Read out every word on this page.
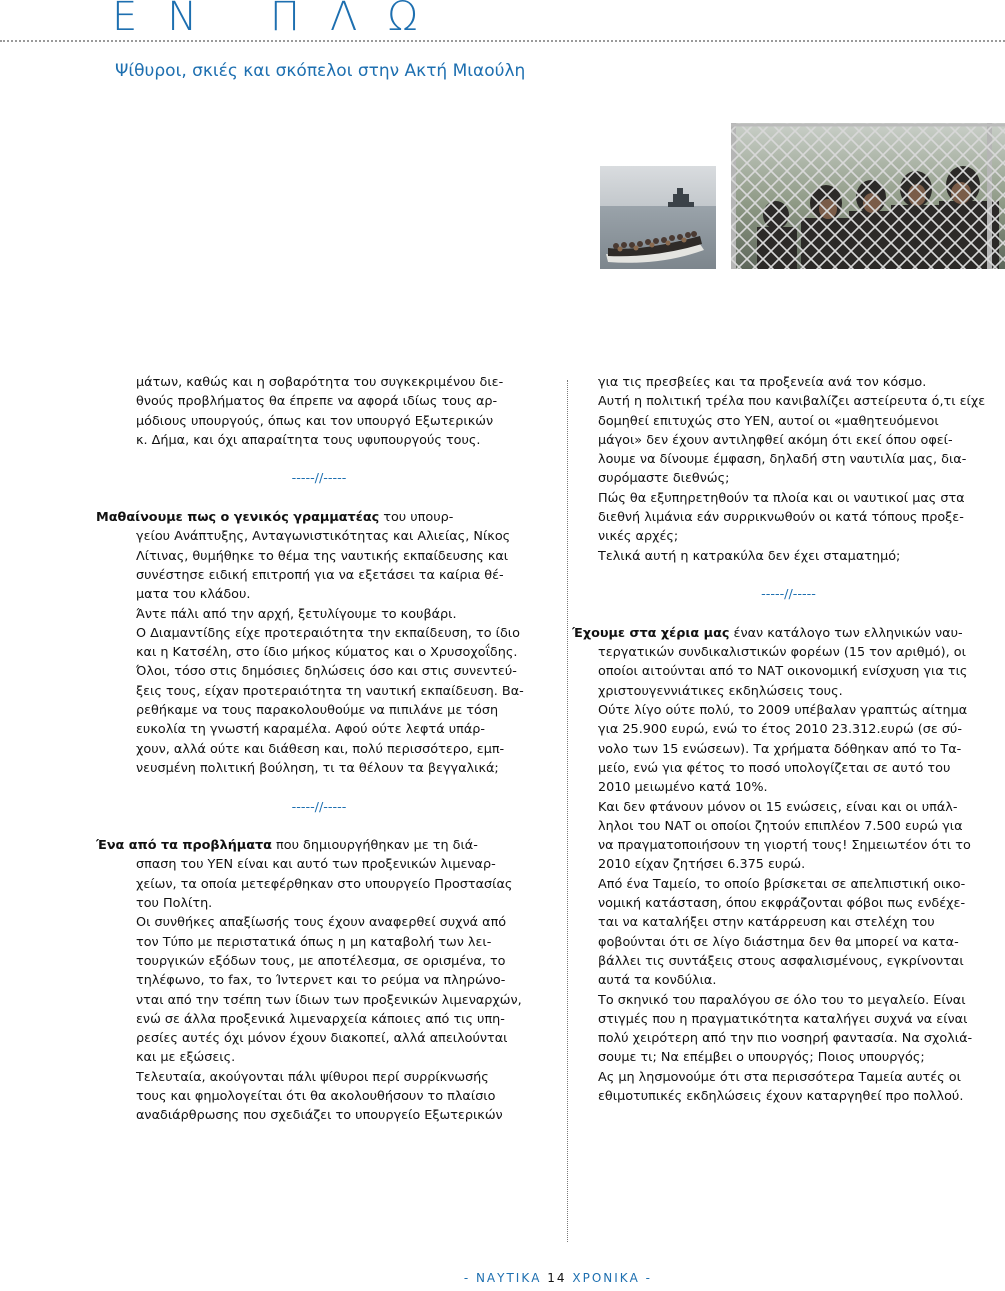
ΕΝ ΠΛΩ
Ψίθυροι, σκιές και σκόπελοι στην Ακτή Μιαούλη
μάτων, καθώς και η σοβαρότητα του συγκεκριμένου διε-
θνούς προβλήματος θα έπρεπε να αφορά ιδίως τους αρ-
μόδιους υπουργούς, όπως και τον υπουργό Εξωτερικών
κ. Δήμα, και όχι απαραίτητα τους υφυπουργούς τους.
-----//-----
Μαθαίνουμε πως ο γενικός γραμματέας του υπουρ-
γείου Ανάπτυξης, Ανταγωνιστικότητας και Αλιείας, Νίκος
Λίτινας, θυμήθηκε το θέμα της ναυτικής εκπαίδευσης και
συνέστησε ειδική επιτροπή για να εξετάσει τα καίρια θέ-
ματα του κλάδου.
Άντε πάλι από την αρχή, ξετυλίγουμε το κουβάρι.
Ο Διαμαντίδης είχε προτεραιότητα την εκπαίδευση, το ίδιο
και η Κατσέλη, στο ίδιο μήκος κύματος και ο Χρυσοχοΐδης.
Όλοι, τόσο στις δημόσιες δηλώσεις όσο και στις συνεντεύ-
ξεις τους, είχαν προτεραιότητα τη ναυτική εκπαίδευση. Βα-
ρεθήκαμε να τους παρακολουθούμε να πιπιλάνε με τόση
ευκολία τη γνωστή καραμέλα. Αφού ούτε λεφτά υπάρ-
χουν, αλλά ούτε και διάθεση και, πολύ περισσότερο, εμπ-
νευσμένη πολιτική βούληση, τι τα θέλουν τα βεγγαλικά;
-----//-----
Ένα από τα προβλήματα που δημιουργήθηκαν με τη διά-
σπαση του ΥΕΝ είναι και αυτό των προξενικών λιμεναρ-
χείων, τα οποία μετεφέρθηκαν στο υπουργείο Προστασίας
του Πολίτη.
Οι συνθήκες απαξίωσής τους έχουν αναφερθεί συχνά από
τον Τύπο με περιστατικά όπως η μη καταβολή των λει-
τουργικών εξόδων τους, με αποτέλεσμα, σε ορισμένα, το
τηλέφωνο, το fax, το Ίντερνετ και το ρεύμα να πληρώνο-
νται από την τσέπη των ίδιων των προξενικών λιμεναρχών,
ενώ σε άλλα προξενικά λιμεναρχεία κάποιες από τις υπη-
ρεσίες αυτές όχι μόνον έχουν διακοπεί, αλλά απειλούνται
και με εξώσεις.
Τελευταία, ακούγονται πάλι ψίθυροι περί συρρίκνωσής
τους και φημολογείται ότι θα ακολουθήσουν το πλαίσιο
αναδιάρθρωσης που σχεδιάζει το υπουργείο Εξωτερικών
για τις πρεσβείες και τα προξενεία ανά τον κόσμο.
Αυτή η πολιτική τρέλα που κανιβαλίζει αστείρευτα ό,τι είχε
δομηθεί επιτυχώς στο ΥΕΝ, αυτοί οι «μαθητευόμενοι
μάγοι» δεν έχουν αντιληφθεί ακόμη ότι εκεί όπου οφεί-
λουμε να δίνουμε έμφαση, δηλαδή στη ναυτιλία μας, δια-
συρόμαστε διεθνώς;
Πώς θα εξυπηρετηθούν τα πλοία και οι ναυτικοί μας στα
διεθνή λιμάνια εάν συρρικνωθούν οι κατά τόπους προξε-
νικές αρχές;
Τελικά αυτή η κατρακύλα δεν έχει σταματημό;
-----//-----
Έχουμε στα χέρια μας έναν κατάλογο των ελληνικών ναυ-
τεργατικών συνδικαλιστικών φορέων (15 τον αριθμό), οι
οποίοι αιτούνται από το ΝΑΤ οικονομική ενίσχυση για τις
χριστουγεννιάτικες εκδηλώσεις τους.
Ούτε λίγο ούτε πολύ, το 2009 υπέβαλαν γραπτώς αίτημα
για 25.900 ευρώ, ενώ το έτος 2010 23.312.ευρώ (σε σύ-
νολο των 15 ενώσεων). Τα χρήματα δόθηκαν από το Τα-
μείο, ενώ για φέτος το ποσό υπολογίζεται σε αυτό του
2010 μειωμένο κατά 10%.
Και δεν φτάνουν μόνον οι 15 ενώσεις, είναι και οι υπάλ-
ληλοι του ΝΑΤ οι οποίοι ζητούν επιπλέον 7.500 ευρώ για
να πραγματοποιήσουν τη γιορτή τους! Σημειωτέον ότι το
2010 είχαν ζητήσει 6.375 ευρώ.
Από ένα Ταμείο, το οποίο βρίσκεται σε απελπιστική οικο-
νομική κατάσταση, όπου εκφράζονται φόβοι πως ενδέχε-
ται να καταλήξει στην κατάρρευση και στελέχη του
φοβούνται ότι σε λίγο διάστημα δεν θα μπορεί να κατα-
βάλλει τις συντάξεις στους ασφαλισμένους, εγκρίνονται
αυτά τα κονδύλια.
Το σκηνικό του παραλόγου σε όλο του το μεγαλείο. Είναι
στιγμές που η πραγματικότητα καταλήγει συχνά να είναι
πολύ χειρότερη από την πιο νοσηρή φαντασία. Να σχολιά-
σουμε τι; Να επέμβει ο υπουργός; Ποιος υπουργός;
Ας μη λησμονούμε ότι στα περισσότερα Ταμεία αυτές οι
εθιμοτυπικές εκδηλώσεις έχουν καταργηθεί προ πολλού.
- ΝΑΥΤΙΚΑ 14 ΧΡΟΝΙΚΑ -
